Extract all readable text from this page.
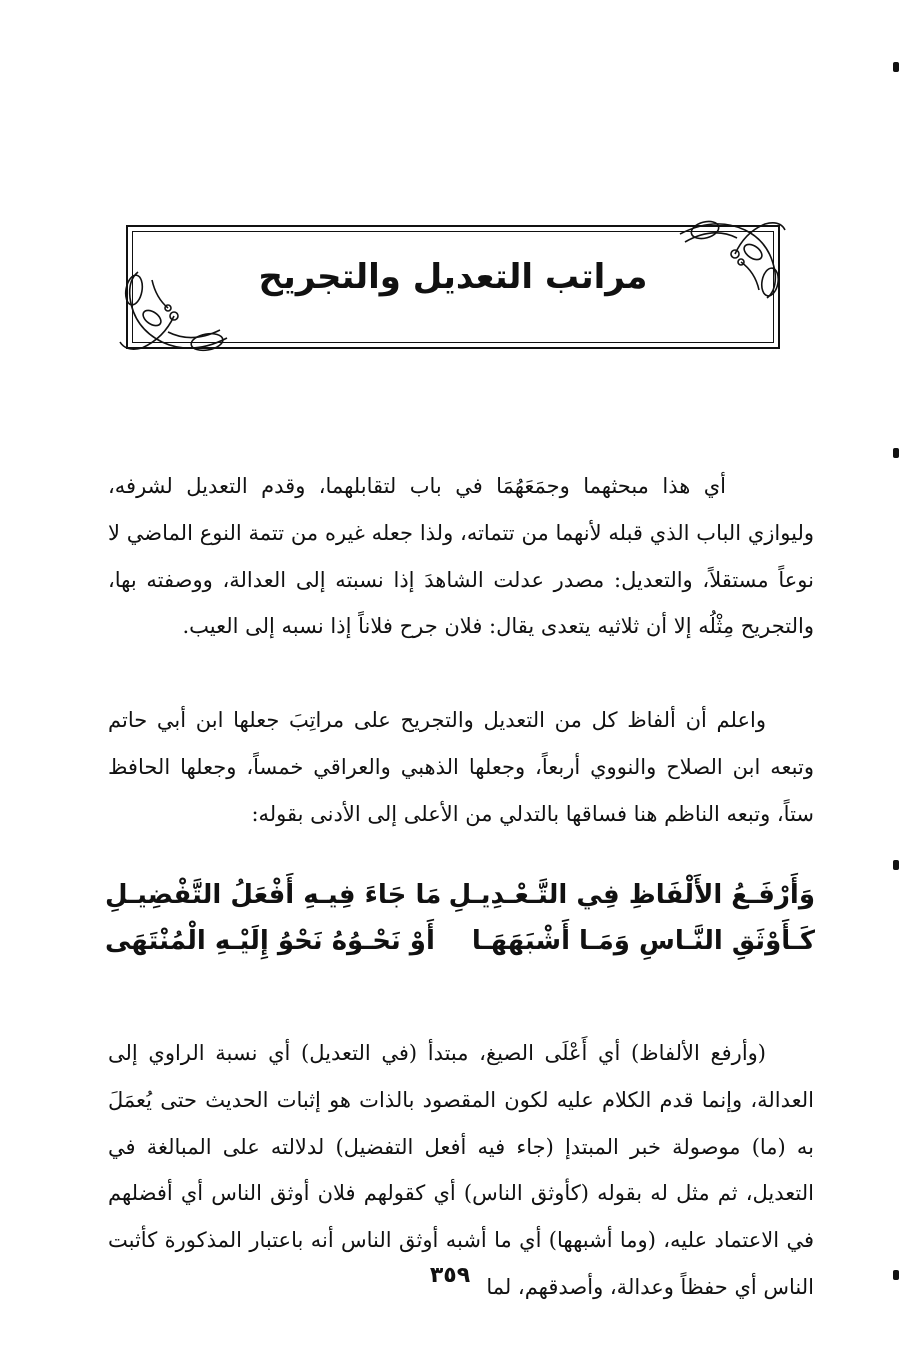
مراتب التعديل والتجريح

أي هذا مبحثهما وجمَعَهُمَا في باب لتقابلهما، وقدم التعديل لشرفه، وليوازي الباب الذي قبله لأنهما من تتماته، ولذا جعله غيره من تتمة النوع الماضي لا نوعاً مستقلاً، والتعديل: مصدر عدلت الشاهدَ إذا نسبته إلى العدالة، ووصفته بها، والتجريح مِثْلُه إلا أن ثلاثيه يتعدى يقال: فلان جرح فلاناً إذا نسبه إلى العيب.

واعلم أن ألفاظ كل من التعديل والتجريح على مراتِبَ جعلها ابن أبي حاتم وتبعه ابن الصلاح والنووي أربعاً، وجعلها الذهبي والعراقي خمساً، وجعلها الحافظ ستاً، وتبعه الناظم هنا فساقها بالتدلي من الأعلى إلى الأدنى بقوله:

وَأَرْفَـعُ الأَلْفَاظِ فِي التَّـعْـدِيـلِ
مَا جَاءَ فِيـهِ أَفْعَلُ التَّفْضِيـلِ
كَـأَوْثَقِ النَّـاسِ وَمَـا أَشْبَهَهَـا
أَوْ نَحْـوُهُ نَحْوُ إِلَيْـهِ الْمُنْتَهَى

(وأرفع الألفاظ) أي أَعْلَى الصيغ، مبتدأ (في التعديل) أي نسبة الراوي إلى العدالة، وإنما قدم الكلام عليه لكون المقصود بالذات هو إثبات الحديث حتى يُعمَلَ به (ما) موصولة خبر المبتدإ (جاء فيه أفعل التفضيل) لدلالته على المبالغة في التعديل، ثم مثل له بقوله (كأوثق الناس) أي كقولهم فلان أوثق الناس أي أفضلهم في الاعتماد عليه، (وما أشبهها) أي ما أشبه أوثق الناس أنه باعتبار المذكورة كأثبت الناس أي حفظاً وعدالة، وأصدقهم، لما

٣٥٩
